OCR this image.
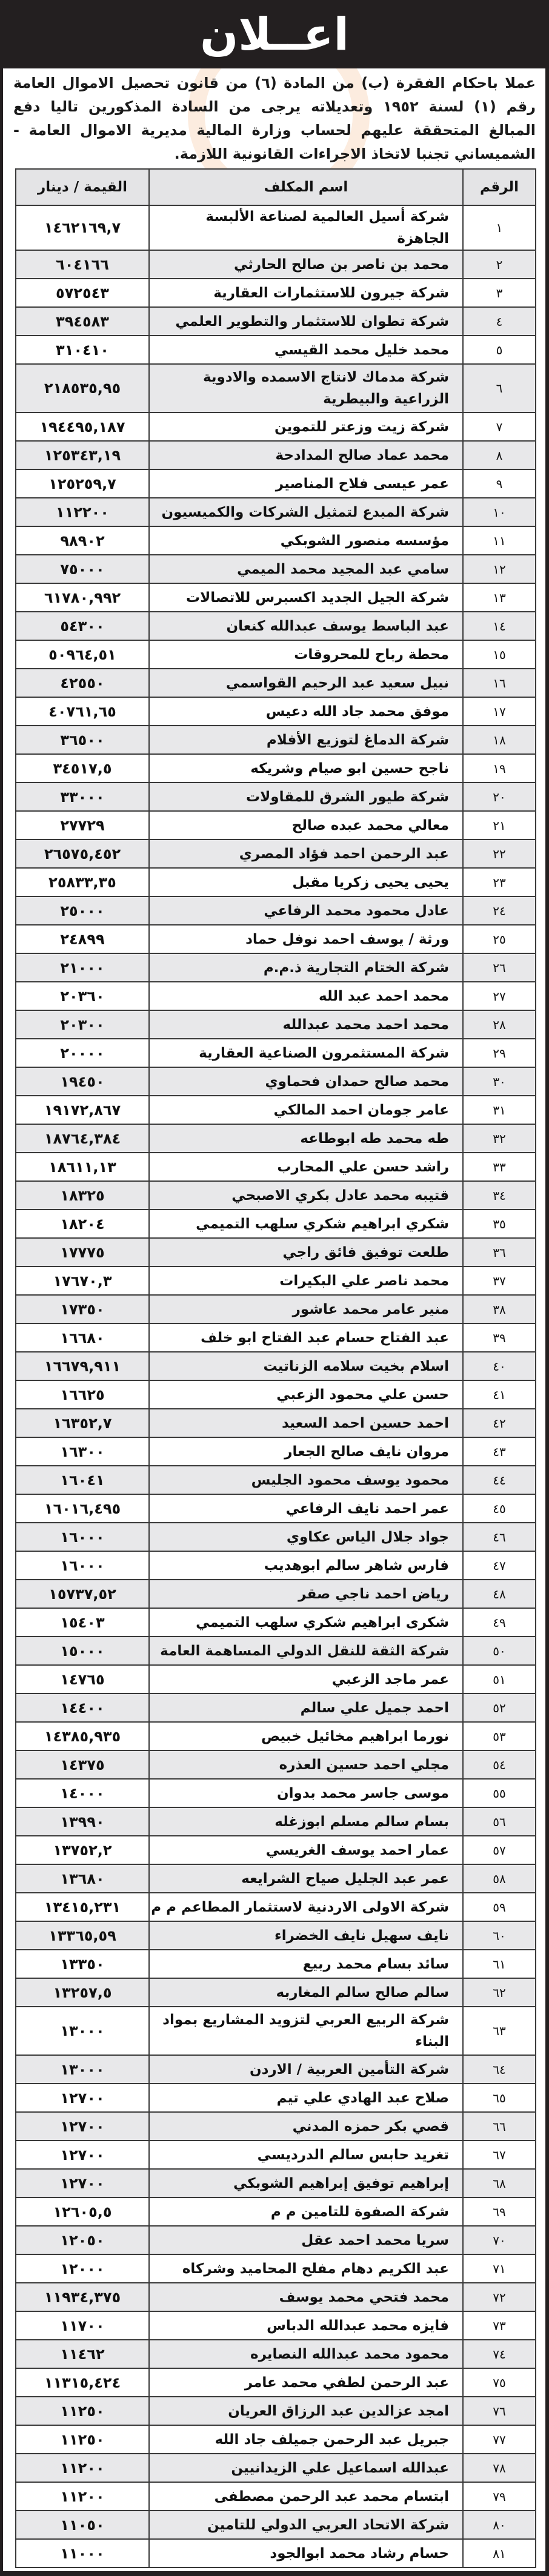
اعــلان
عملا باحكام الفقرة (ب) من المادة (٦) من قانون تحصيل الاموال العامة رقم (١) لسنة ١٩٥٢ وتعديلاته يرجى من السادة المذكورين تاليا دفع المبالغ المتحققة عليهم لحساب وزارة المالية مديرية الاموال العامة - الشميساني تجنبا لاتخاذ الاجراءات القانونية اللازمة.
الرقم	اسم المكلف	القيمة / دينار
١	شركة أسيل العالمية لصناعة الألبسة الجاهزة	١٤٦٢١٦٩,٧
٢	محمد بن ناصر بن صالح الحارثي	٦٠٤١٦٦
٣	شركة جيرون للاستثمارات العقارية	٥٧٢٥٤٣
٤	شركة تطوان للاستثمار والتطوير العلمي	٣٩٤٥٨٣
٥	محمد خليل محمد القيسي	٣١٠٤١٠
٦	شركة مدماك لانتاج الاسمده والادوية الزراعية والبيطرية	٢١٨٥٣٥,٩٥
٧	شركة زيت وزعتر للتموين	١٩٤٤٩٥,١٨٧
٨	محمد عماد صالح المدادحة	١٢٥٣٤٣,١٩
٩	عمر عيسى فلاح المناصير	١٢٥٢٥٩,٧
١٠	شركة المبدع لتمثيل الشركات والكميسيون	١١٢٢٠٠
١١	مؤسسه منصور الشوبكي	٩٨٩٠٢
١٢	سامي عبد المجيد محمد الميمي	٧٥٠٠٠
١٣	شركة الجيل الجديد اكسبرس للاتصالات	٦١٧٨٠,٩٩٢
١٤	عبد الباسط يوسف عبدالله كنعان	٥٤٣٠٠
١٥	محطة رباح للمحروقات	٥٠٩٦٤,٥١
١٦	نبيل سعيد عبد الرحيم القواسمي	٤٢٥٥٠
١٧	موفق محمد جاد الله دعيس	٤٠٧٦١,٦٥
١٨	شركة الدماغ لتوزيع الأفلام	٣٦٥٠٠
١٩	ناجح حسين ابو صيام وشريكه	٣٤٥١٧,٥
٢٠	شركة طيور الشرق للمقاولات	٣٣٠٠٠
٢١	معالي محمد عبده صالح	٢٧٧٢٩
٢٢	عبد الرحمن احمد فؤاد المصري	٢٦٥٧٥,٤٥٢
٢٣	يحيى يحيى زكريا مقبل	٢٥٨٣٣,٣٥
٢٤	عادل محمود محمد الرفاعي	٢٥٠٠٠
٢٥	ورثة / يوسف احمد نوفل حماد	٢٤٨٩٩
٢٦	شركة الختام التجارية ذ.م.م	٢١٠٠٠
٢٧	محمد احمد عبد الله	٢٠٣٦٠
٢٨	محمد احمد محمد عبدالله	٢٠٣٠٠
٢٩	شركة المستثمرون الصناعية العقارية	٢٠٠٠٠
٣٠	محمد صالح حمدان فحماوي	١٩٤٥٠
٣١	عامر جومان احمد المالكي	١٩١٧٢,٨٦٧
٣٢	طه محمد طه ابوطاعه	١٨٧٦٤,٣٨٤
٣٣	راشد حسن علي المحارب	١٨٦١١,١٣
٣٤	قتيبه محمد عادل بكري الاصبحي	١٨٣٢٥
٣٥	شكري ابراهيم شكري سلهب التميمي	١٨٢٠٤
٣٦	طلعت توفيق فائق راجي	١٧٧٧٥
٣٧	محمد ناصر علي البكيرات	١٧٦٧٠,٣
٣٨	منير عامر محمد عاشور	١٧٣٥٠
٣٩	عبد الفتاح حسام عبد الفتاح ابو خلف	١٦٦٨٠
٤٠	اسلام بخيت سلامه الزناتيت	١٦٦٧٩,٩١١
٤١	حسن علي محمود الزعبي	١٦٦٢٥
٤٢	احمد حسين احمد السعيد	١٦٣٥٢,٧
٤٣	مروان نايف صالح الجعار	١٦٣٠٠
٤٤	محمود يوسف محمود الجليس	١٦٠٤١
٤٥	عمر احمد نايف الرفاعي	١٦٠١٦,٤٩٥
٤٦	جواد جلال الياس عكاوي	١٦٠٠٠
٤٧	فارس شاهر سالم ابوهديب	١٦٠٠٠
٤٨	رياض احمد ناجي صقر	١٥٧٣٧,٥٢
٤٩	شكرى ابراهيم شكري سلهب التميمي	١٥٤٠٣
٥٠	شركة الثقة للنقل الدولي المساهمة العامة	١٥٠٠٠
٥١	عمر ماجد الزعبي	١٤٧٦٥
٥٢	احمد جميل علي سالم	١٤٤٠٠
٥٣	نورما ابراهيم مخائيل خبيص	١٤٣٨٥,٩٣٥
٥٤	مجلي احمد حسين العذره	١٤٣٧٥
٥٥	موسى جاسر محمد بدوان	١٤٠٠٠
٥٦	بسام سالم مسلم ابوزغله	١٣٩٩٠
٥٧	عمار احمد يوسف الغريسي	١٣٧٥٢,٢
٥٨	عمر عبد الجليل صياح الشرايعه	١٣٦٨٠
٥٩	شركة الاولى الاردنية لاستثمار المطاعم م م	١٣٤١٥,٢٣١
٦٠	نايف سهيل نايف الخضراء	١٣٣٦٥,٥٩
٦١	سائد بسام محمد ربيع	١٣٣٥٠
٦٢	سالم صالح سالم المغاربه	١٣٢٥٧,٥
٦٣	شركة الربيع العربي لتزويد المشاريع بمواد البناء	١٣٠٠٠
٦٤	شركة التأمين العربية / الاردن	١٣٠٠٠
٦٥	صلاح عبد الهادي علي تيم	١٢٧٠٠
٦٦	قصي بكر حمزه المدني	١٢٧٠٠
٦٧	تغريد حابس سالم الدرديسي	١٢٧٠٠
٦٨	إبراهيم توفيق إبراهيم الشوبكي	١٢٧٠٠
٦٩	شركة الصفوة للتامين م م	١٢٦٠٥,٥
٧٠	سريا محمد احمد عقل	١٢٠٥٠
٧١	عبد الكريم دهام مفلح المحاميد وشركاه	١٢٠٠٠
٧٢	محمد فتحي محمد يوسف	١١٩٣٤,٣٧٥
٧٣	فايزه محمد عبدالله الدباس	١١٧٠٠
٧٤	محمود محمد عبدالله النصايره	١١٤٦٢
٧٥	عبد الرحمن لطفي محمد عامر	١١٣١٥,٤٢٤
٧٦	امجد عزالدين عبد الرزاق العريان	١١٢٥٠
٧٧	جبريل عبد الرحمن جميلف جاد الله	١١٢٥٠
٧٨	عبدالله اسماعيل علي الزيدانيين	١١٢٠٠
٧٩	ابتسام محمد عبد الرحمن مصطفى	١١٢٠٠
٨٠	شركة الاتحاد العربي الدولي للتامين	١١٠٥٠
٨١	حسام رشاد محمد ابوالجود	١١٠٠٠
